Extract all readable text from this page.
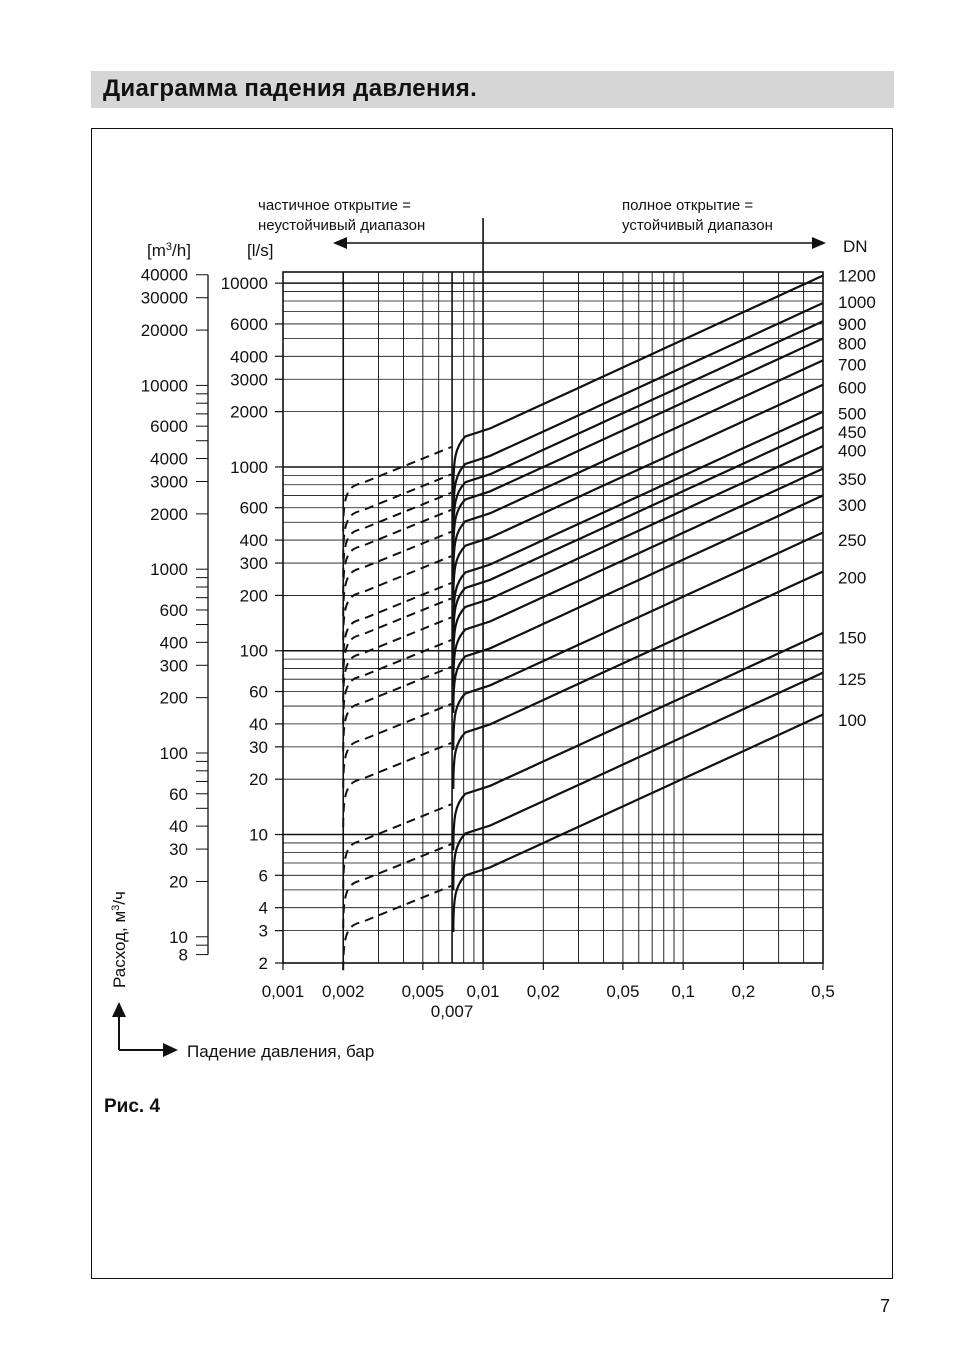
Диаграмма падения давления.
$[m^3/h]$	[l/s]	DN
частичное открытие =
неустойчивый диапазон
полное открытие =
устойчивый диапазон
Падение давления, бар
Расход, $м^3/ч$
0,001 0,002 0,005
0,007
0,01 0,02	0,05 0,1 0,2	0,5
2
3
4
6
10
20
30
40
60
100
200
300
400
600
1000
2000
3000
4000
6000
10000
8
10
20
30
40
60
100
200
300
400
600
1000
2000
3000
4000
6000
10000
20000
30000
40000	1200
1000
900
800
700
600
500
450
400
350
300
250
200
150
125
100
Рис. 4
7
